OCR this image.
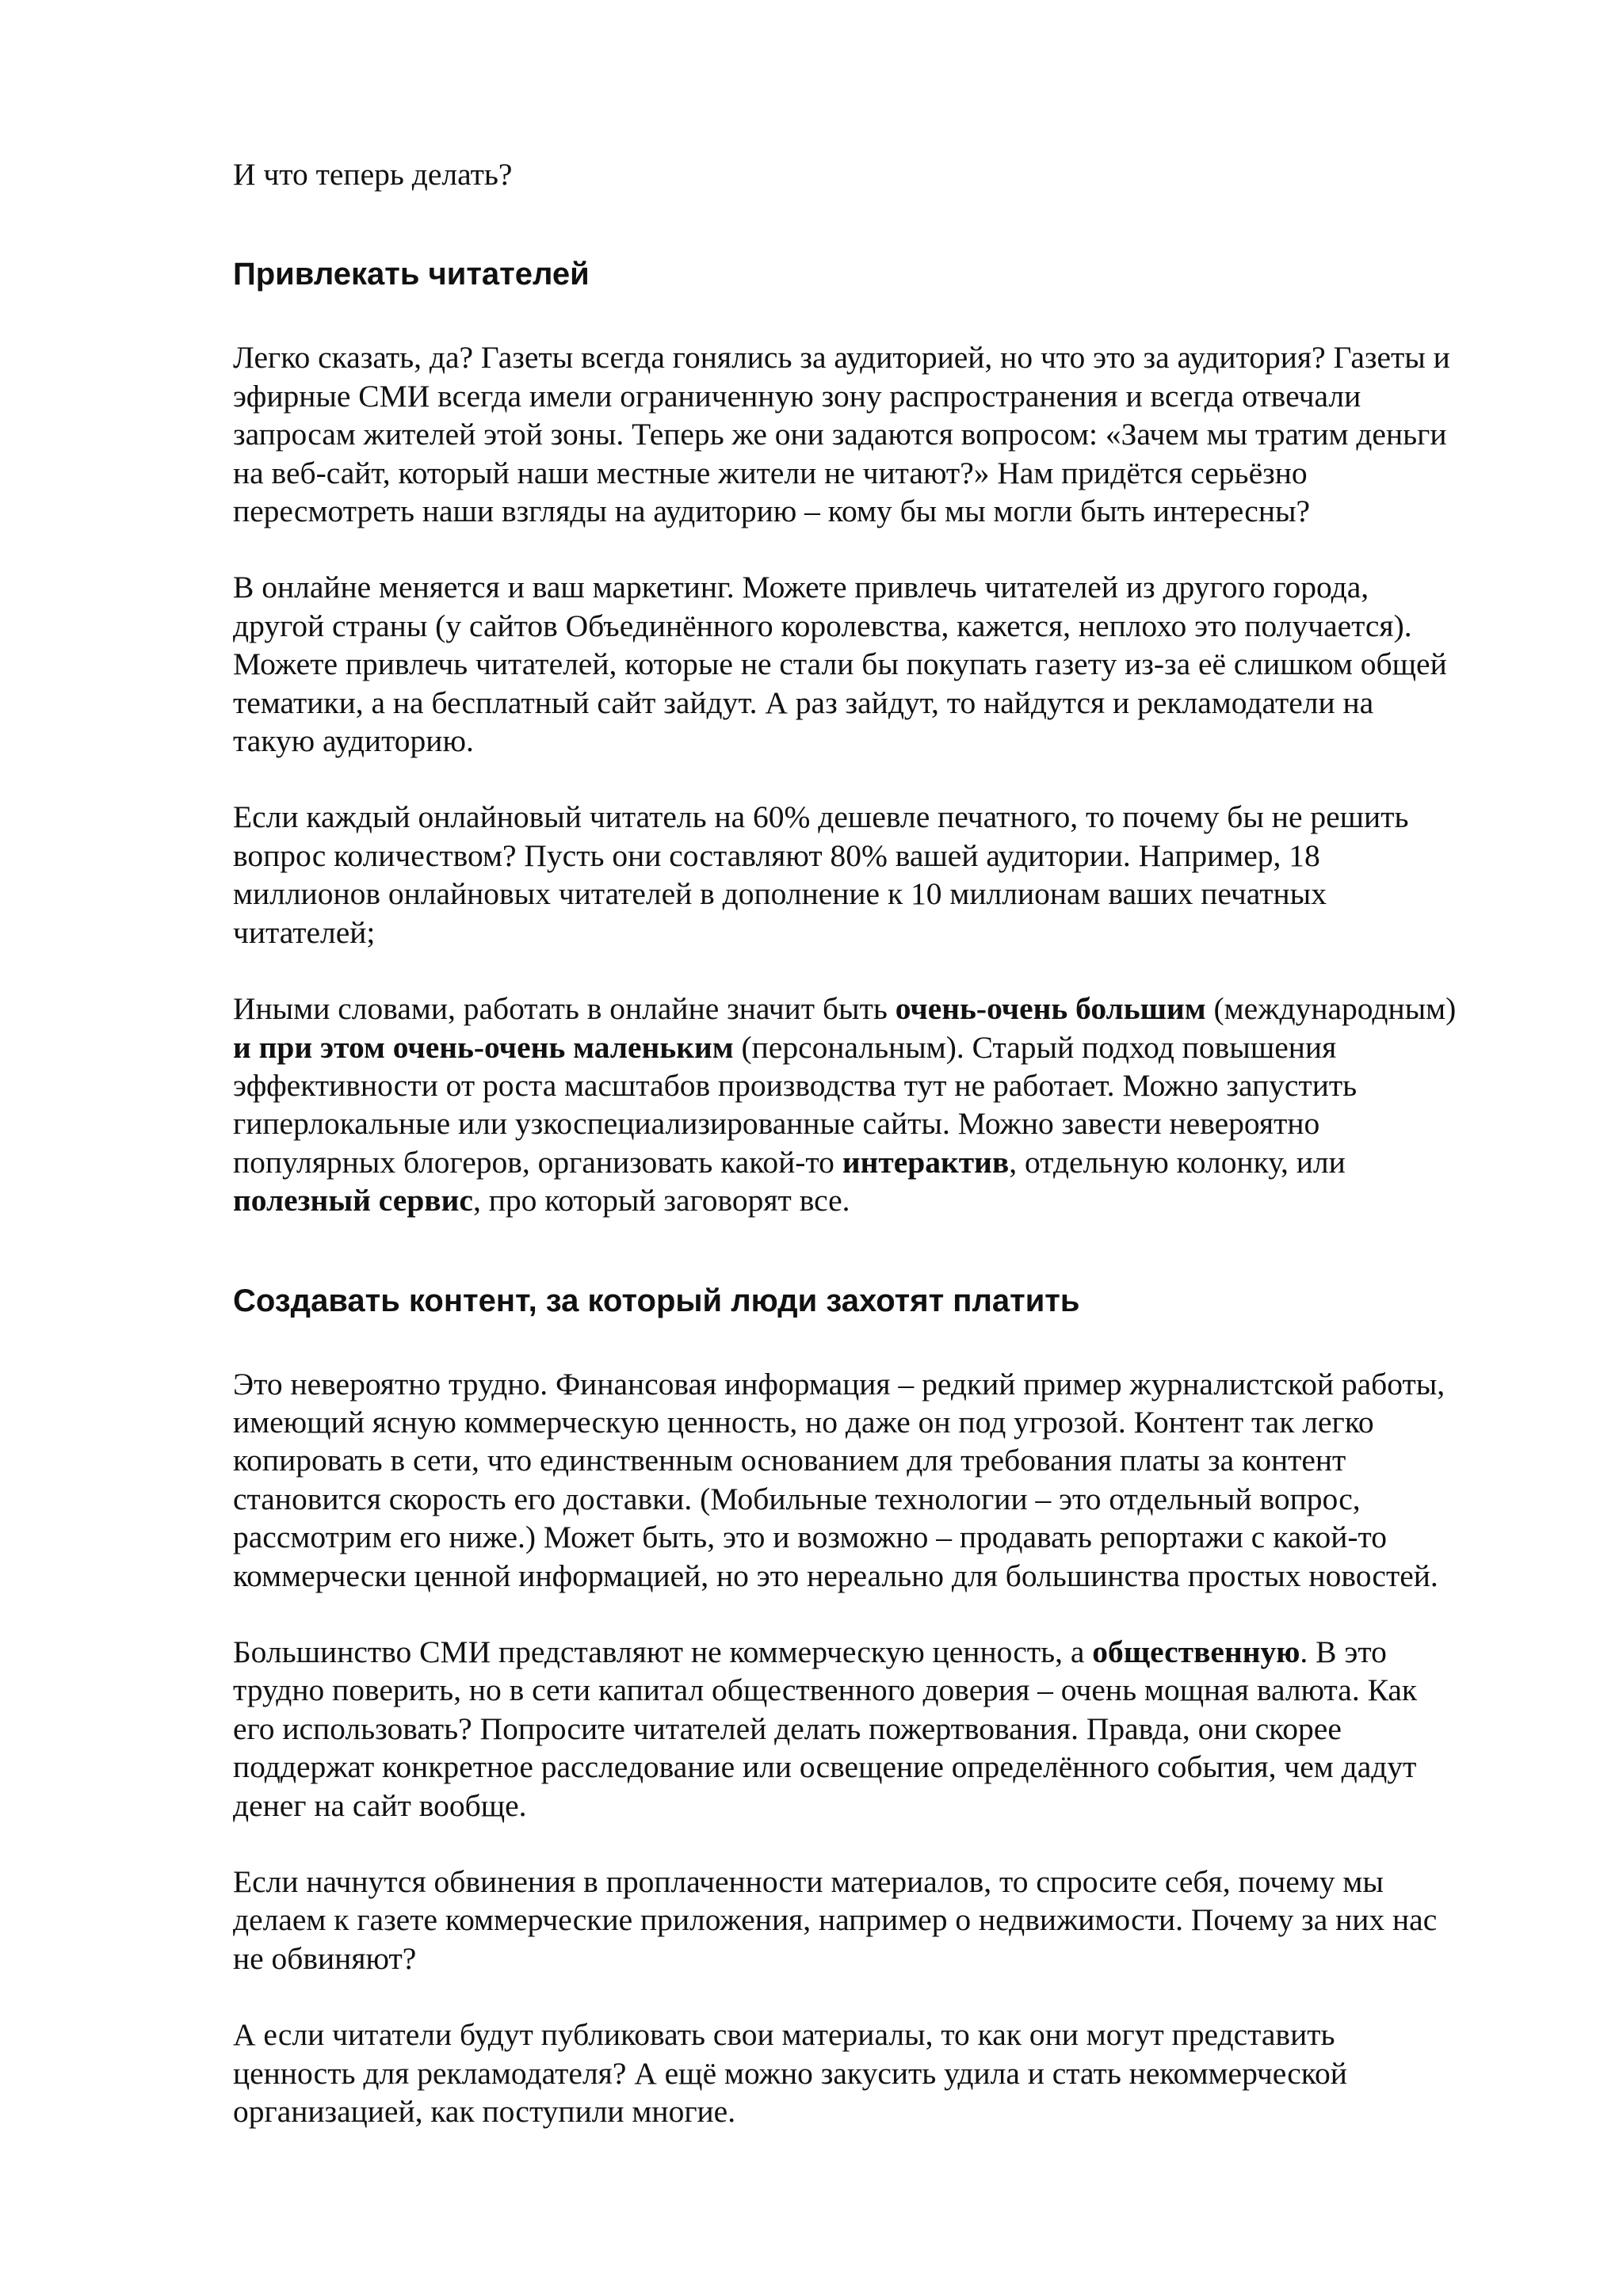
И что теперь делать?

Привлекать читателей

Легко сказать, да? Газеты всегда гонялись за аудиторией, но что это за аудитория? Газеты и
эфирные СМИ всегда имели ограниченную зону распространения и всегда отвечали
запросам жителей этой зоны. Теперь же они задаются вопросом: «Зачем мы тратим деньги
на веб-сайт, который наши местные жители не читают?» Нам придётся серьёзно
пересмотреть наши взгляды на аудиторию – кому бы мы могли быть интересны?

В онлайне меняется и ваш маркетинг. Можете привлечь читателей из другого города,
другой страны (у сайтов Объединённого королевства, кажется, неплохо это получается).
Можете привлечь читателей, которые не стали бы покупать газету из-за её слишком общей
тематики, а на бесплатный сайт зайдут. А раз зайдут, то найдутся и рекламодатели на
такую аудиторию.

Если каждый онлайновый читатель на 60% дешевле печатного, то почему бы не решить
вопрос количеством? Пусть они составляют 80% вашей аудитории. Например, 18
миллионов онлайновых читателей в дополнение к 10 миллионам ваших печатных
читателей;

Иными словами, работать в онлайне значит быть очень-очень большим (международным)
и при этом очень-очень маленьким (персональным). Старый подход повышения
эффективности от роста масштабов производства тут не работает. Можно запустить
гиперлокальные или узкоспециализированные сайты. Можно завести невероятно
популярных блогеров, организовать какой-то интерактив, отдельную колонку, или
полезный сервис, про который заговорят все.

Создавать контент, за который люди захотят платить

Это невероятно трудно. Финансовая информация – редкий пример журналистской работы,
имеющий ясную коммерческую ценность, но даже он под угрозой. Контент так легко
копировать в сети, что единственным основанием для требования платы за контент
становится скорость его доставки. (Мобильные технологии – это отдельный вопрос,
рассмотрим его ниже.) Может быть, это и возможно – продавать репортажи с какой-то
коммерчески ценной информацией, но это нереально для большинства простых новостей.

Большинство СМИ представляют не коммерческую ценность, а общественную. В это
трудно поверить, но в сети капитал общественного доверия – очень мощная валюта. Как
его использовать? Попросите читателей делать пожертвования. Правда, они скорее
поддержат конкретное расследование или освещение определённого события, чем дадут
денег на сайт вообще.

Если начнутся обвинения в проплаченности материалов, то спросите себя, почему мы
делаем к газете коммерческие приложения, например о недвижимости. Почему за них нас
не обвиняют?

А если читатели будут публиковать свои материалы, то как они могут представить
ценность для рекламодателя? А ещё можно закусить удила и стать некоммерческой
организацией, как поступили многие.
